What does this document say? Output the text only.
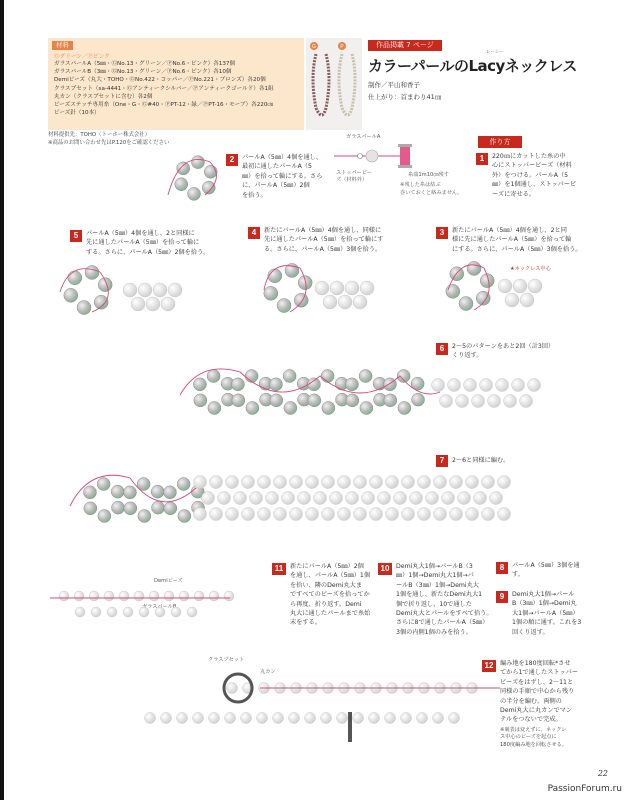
材料
Ⓖグリーン／Ⓟピンク
ガラスパールA（5㎜・ⒼNo.13・グリーン／ⓅNo.6・ピンク）各137個
ガラスパールB（3㎜・ⒼNo.13・グリーン／ⓅNo.6・ピンク）各10個
Demiビーズ（丸大・TOHO・ⒼNo.422・コッパー／ⓅNo.221・ブロンズ）各20個
クラスプセット（sa-4441・Ⓖアンティークシルバー／Ⓟアンティークゴールド）各1組
丸カン（クラスプセットに含む）各2個
ビーズステッチ専用糸（One・G・Ⓖ#40・ⓅPT-12・緑／ⓅPT-16・モーブ）各220㎝
ビーズ針（10本）
材料提供先：TOHO（トーホー株式会社）
※商品のお問い合わせ先はP.120をご確認ください
G	P	作品掲載 7 ページ
レーシー
カラーパールのLacyネックレス
制作／平山和香子
仕上がり：首まわり41㎝
作り方
ガラスパールA
ストッパービーズ（材料外）
糸端1m10㎝残す
※残した糸は結ぶ
巻いておくと絡みません。
1	220㎝にカットした糸の中
心にストッパービーズ（材料
外）をつける。パールA（5
㎜）を1個通し、ストッパービ
ーズに寄せる。
2	パールA（5㎜）4個を通し、
最初に通したパールA（5
㎜）を拾って輪にする。さら
に、パールA（5㎜）2個
を拾う。
3	新たにパールA（5㎜）4個を通し、2と同
様に先に通したパールA（5㎜）を拾って輪
にする。さらに、パールA（5㎜）3個を拾う。
4	新たにパールA（5㎜）4個を通し、同様に
先に通したパールA（5㎜）を拾って輪にす
る。さらに、パールA（5㎜）3個を拾う。
5	パールA（5㎜）4個を通し、2と同様に
先に通したパールA（5㎜）を拾って輪に
する。さらに、パールA（5㎜）2個を拾う。
6	2〜5のパターンをあと2回（計3回）
くり返す。
7	2〜6と同様に編む。
8	パールA（5㎜）3個を通
す。
9	Demi丸大1個→パール
B（3㎜）1個→Demi丸
大1個→パールA（5㎜）
1個の順に通す。これを3
回くり返す。
10	Demi丸大1個→パールB（3
㎜）1個→Demi丸大1個→パ
ールB（3㎜）1個→Demi丸大
1個を通し、新たなDemi丸大1
個で折り返し、10で通した
Demi丸大とパールをすべて拾う。
さらに8で通したパールA（5㎜）
3個の内側1個のみを拾う。
11	新たにパールA（5㎜）2個
を通し、パールA（5㎜）1個
を拾い、隣のDemi丸大ま
ですべてのビーズを拾ってか
ら再度、折り返す。Demi
丸大に通したパールまで糸始
末をする。
12	編み地を180度回転*させ
てから1で通したストッパー
ビーズをはずし、2〜11と
同様の手順で中心から残り
の半分を編む。両側の
Demi丸大に丸カンでマン
テルをつないで完成。
※裏表は変えずに、ネックレ
ス中心のビーズを起点に
180度編み地を回転させる。
★ネックレス中心
Demiビーズ
クラスプセット
丸カン
22
PassionForum.ru
